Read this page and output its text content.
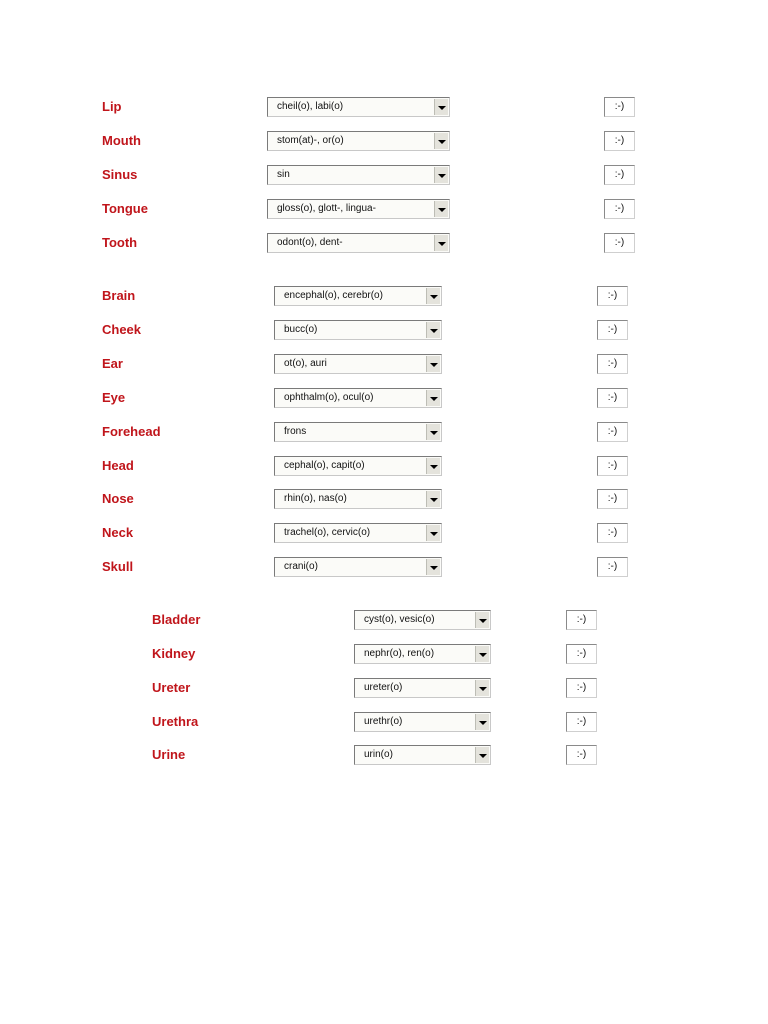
Lip	cheil(o), labi(o)	:-)
Mouth	stom(at)-, or(o)	:-)
Sinus	sin	:-)
Tongue	gloss(o), glott-, lingua-	:-)
Tooth	odont(o), dent-	:-)
Brain	encephal(o), cerebr(o)	:-)
Cheek	bucc(o)	:-)
Ear	ot(o), auri	:-)
Eye	ophthalm(o), ocul(o)	:-)
Forehead	frons	:-)
Head	cephal(o), capit(o)	:-)
Nose	rhin(o), nas(o)	:-)
Neck	trachel(o), cervic(o)	:-)
Skull	crani(o)	:-)
Bladder	cyst(o), vesic(o)	:-)
Kidney	nephr(o), ren(o)	:-)
Ureter	ureter(o)	:-)
Urethra	urethr(o)	:-)
Urine	urin(o)	:-)
